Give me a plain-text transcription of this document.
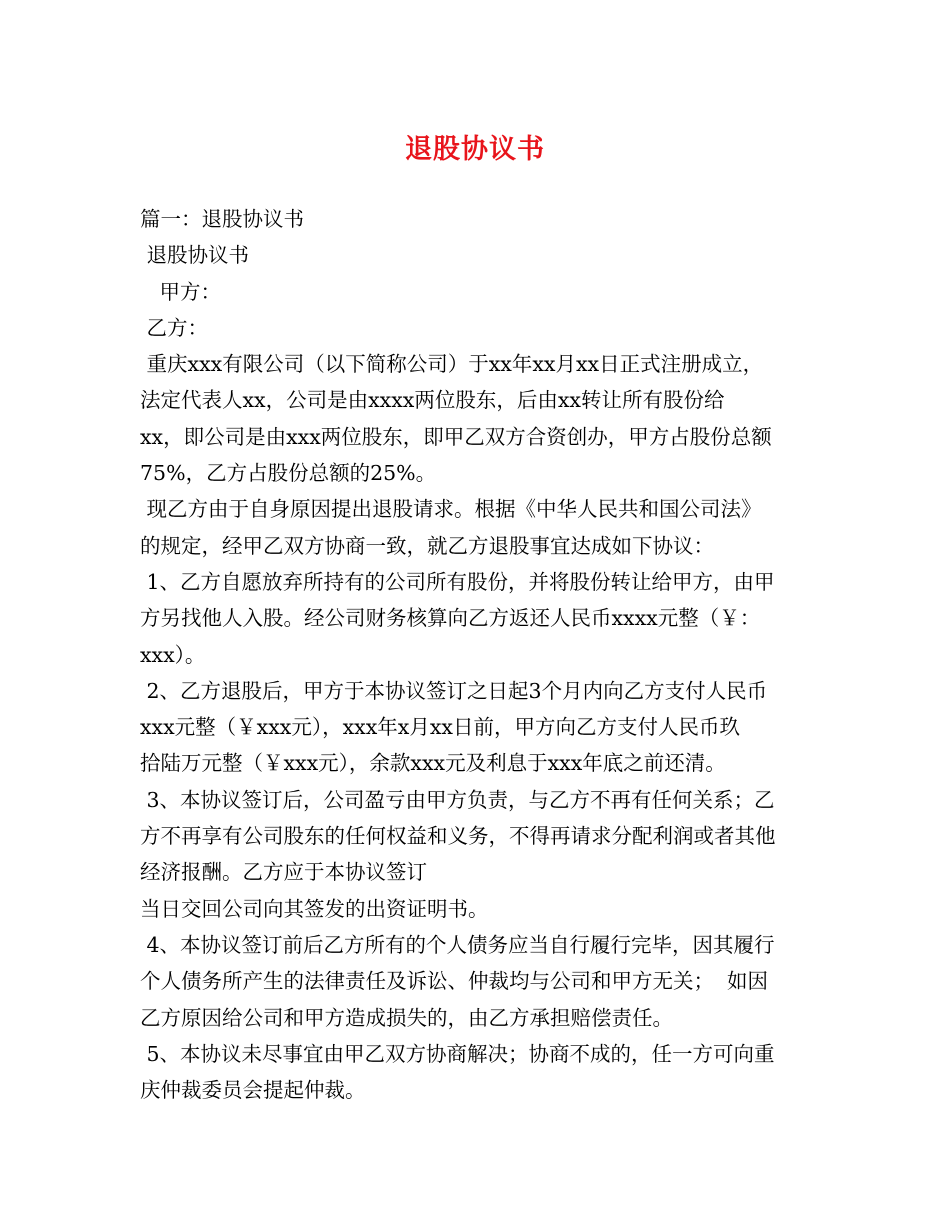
退股协议书
篇一：退股协议书
退股协议书
甲方：
乙方：
重庆xxx有限公司（以下简称公司）于xx年xx月xx日正式注册成立，
法定代表人xx，公司是由xxxx两位股东，后由xx转让所有股份给
xx，即公司是由xxx两位股东，即甲乙双方合资创办，甲方占股份总额
75%，乙方占股份总额的25%。
现乙方由于自身原因提出退股请求。根据《中华人民共和国公司法》
的规定，经甲乙双方协商一致，就乙方退股事宜达成如下协议：
1、乙方自愿放弃所持有的公司所有股份，并将股份转让给甲方，由甲
方另找他人入股。经公司财务核算向乙方返还人民币xxxx元整（￥：
xxx）。
2、乙方退股后，甲方于本协议签订之日起3个月内向乙方支付人民币
xxx元整（￥xxx元），xxx年x月xx日前，甲方向乙方支付人民币玖
拾陆万元整（￥xxx元），余款xxx元及利息于xxx年底之前还清。
3、本协议签订后，公司盈亏由甲方负责，与乙方不再有任何关系；乙
方不再享有公司股东的任何权益和义务，不得再请求分配利润或者其他
经济报酬。乙方应于本协议签订
当日交回公司向其签发的出资证明书。
4、本协议签订前后乙方所有的个人债务应当自行履行完毕，因其履行
个人债务所产生的法律责任及诉讼、仲裁均与公司和甲方无关；  如因
乙方原因给公司和甲方造成损失的，由乙方承担赔偿责任。
5、本协议未尽事宜由甲乙双方协商解决；协商不成的，任一方可向重
庆仲裁委员会提起仲裁。
